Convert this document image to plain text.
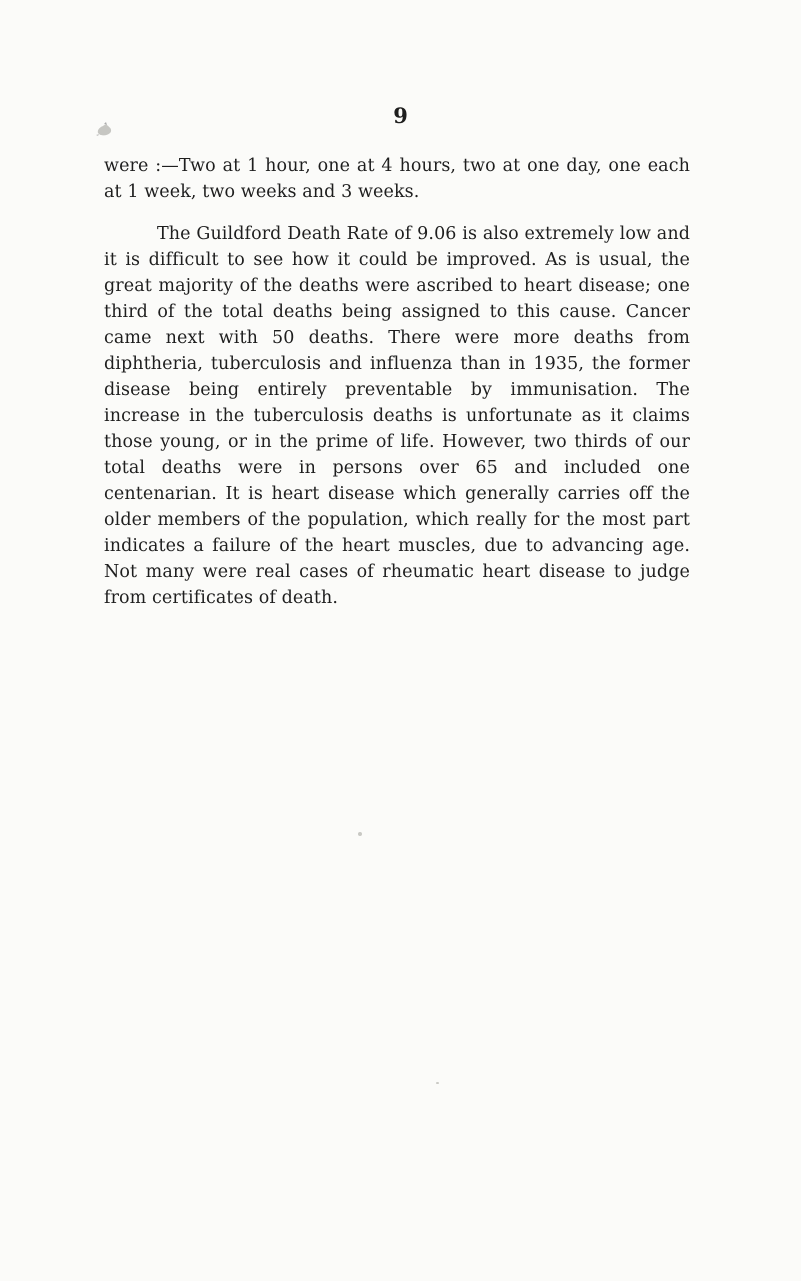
9

were :—Two at 1 hour, one at 4 hours, two at one day, one each at 1 week, two weeks and 3 weeks.

The Guildford Death Rate of 9.06 is also extremely low and it is difficult to see how it could be improved. As is usual, the great majority of the deaths were ascribed to heart disease; one third of the total deaths being assigned to this cause. Cancer came next with 50 deaths. There were more deaths from diphtheria, tuberculosis and influenza than in 1935, the former disease being entirely preventable by immunisation. The increase in the tuberculosis deaths is unfortunate as it claims those young, or in the prime of life. However, two thirds of our total deaths were in persons over 65 and included one centenarian. It is heart disease which generally carries off the older members of the population, which really for the most part indicates a failure of the heart muscles, due to advancing age. Not many were real cases of rheumatic heart disease to judge from certificates of death.
